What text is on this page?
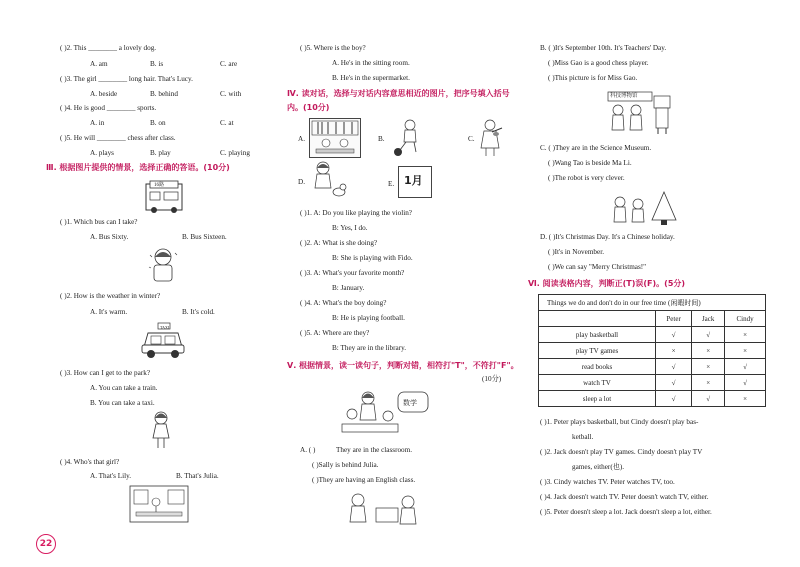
( )2. This ________ a lovely dog.
A. am	B. is	C. are
( )3. The girl ________ long hair. That's Lucy.
A. beside	B. behind	C. with
( )4. He is good ________ sports.
A. in	B. on	C. at
( )5. He will ________ chess after class.
A. plays	B. play	C. playing
Ⅲ. 根据图片提供的情景，选择正确的答语。(10分)
16路
( )1. Which bus can I take?
A. Bus Sixty.	B. Bus Sixteen.
( )2. How is the weather in winter?
A. It's warm.	B. It's cold.
TAXI
( )3. How can I get to the park?
A. You can take a train.
B. You can take a taxi.
( )4. Who's that girl?
A. That's Lily.	B. That's Julia.
22
( )5. Where is the boy?
A. He's in the sitting room.
B. He's in the supermarket.
Ⅳ. 读对话，选择与对话内容意思相近的图片，把序号填入括号
内。(10分)
A.	B.	C.
D.	E. 1月
( )1. A: Do you like playing the violin?
B: Yes, I do.
( )2. A: What is she doing?
B: She is playing with Fido.
( )3. A: What's your favorite month?
B: January.
( )4. A: What's the boy doing?
B: He is playing football.
( )5. A: Where are they?
B: They are in the library.
Ⅴ. 根据情景，读一读句子，判断对错，相符打"T"，不符打"F"。
(10分)
数学
A. ( )	They are in the classroom.
( )Sally is behind Julia.
( )They are having an English class.
B. ( )It's September 10th. It's Teachers' Day.
( )Miss Gao is a good chess player.
( )This picture is for Miss Gao.
科技博物馆
C. ( )They are in the Science Museum.
( )Wang Tao is beside Ma Li.
( )The robot is very clever.
D. ( )It's Christmas Day. It's a Chinese holiday.
( )It's in November.
( )We can say "Merry Christmas!"
Ⅵ. 阅读表格内容，判断正(T)误(F)。(5分)
Things we do and don't do in our free time (闲暇时间)			
	Peter	Jack	Cindy
play basketball	√	√	×
play TV games	×	×	×
read books	√	×	√
watch TV	√	×	√
sleep a lot	√	√	×
( )1. Peter plays basketball, but Cindy doesn't play bas-
ketball.
( )2. Jack doesn't play TV games. Cindy doesn't play TV
games, either(也).
( )3. Cindy watches TV. Peter watches TV, too.
( )4. Jack doesn't watch TV. Peter doesn't watch TV, either.
( )5. Peter doesn't sleep a lot. Jack doesn't sleep a lot, either.
